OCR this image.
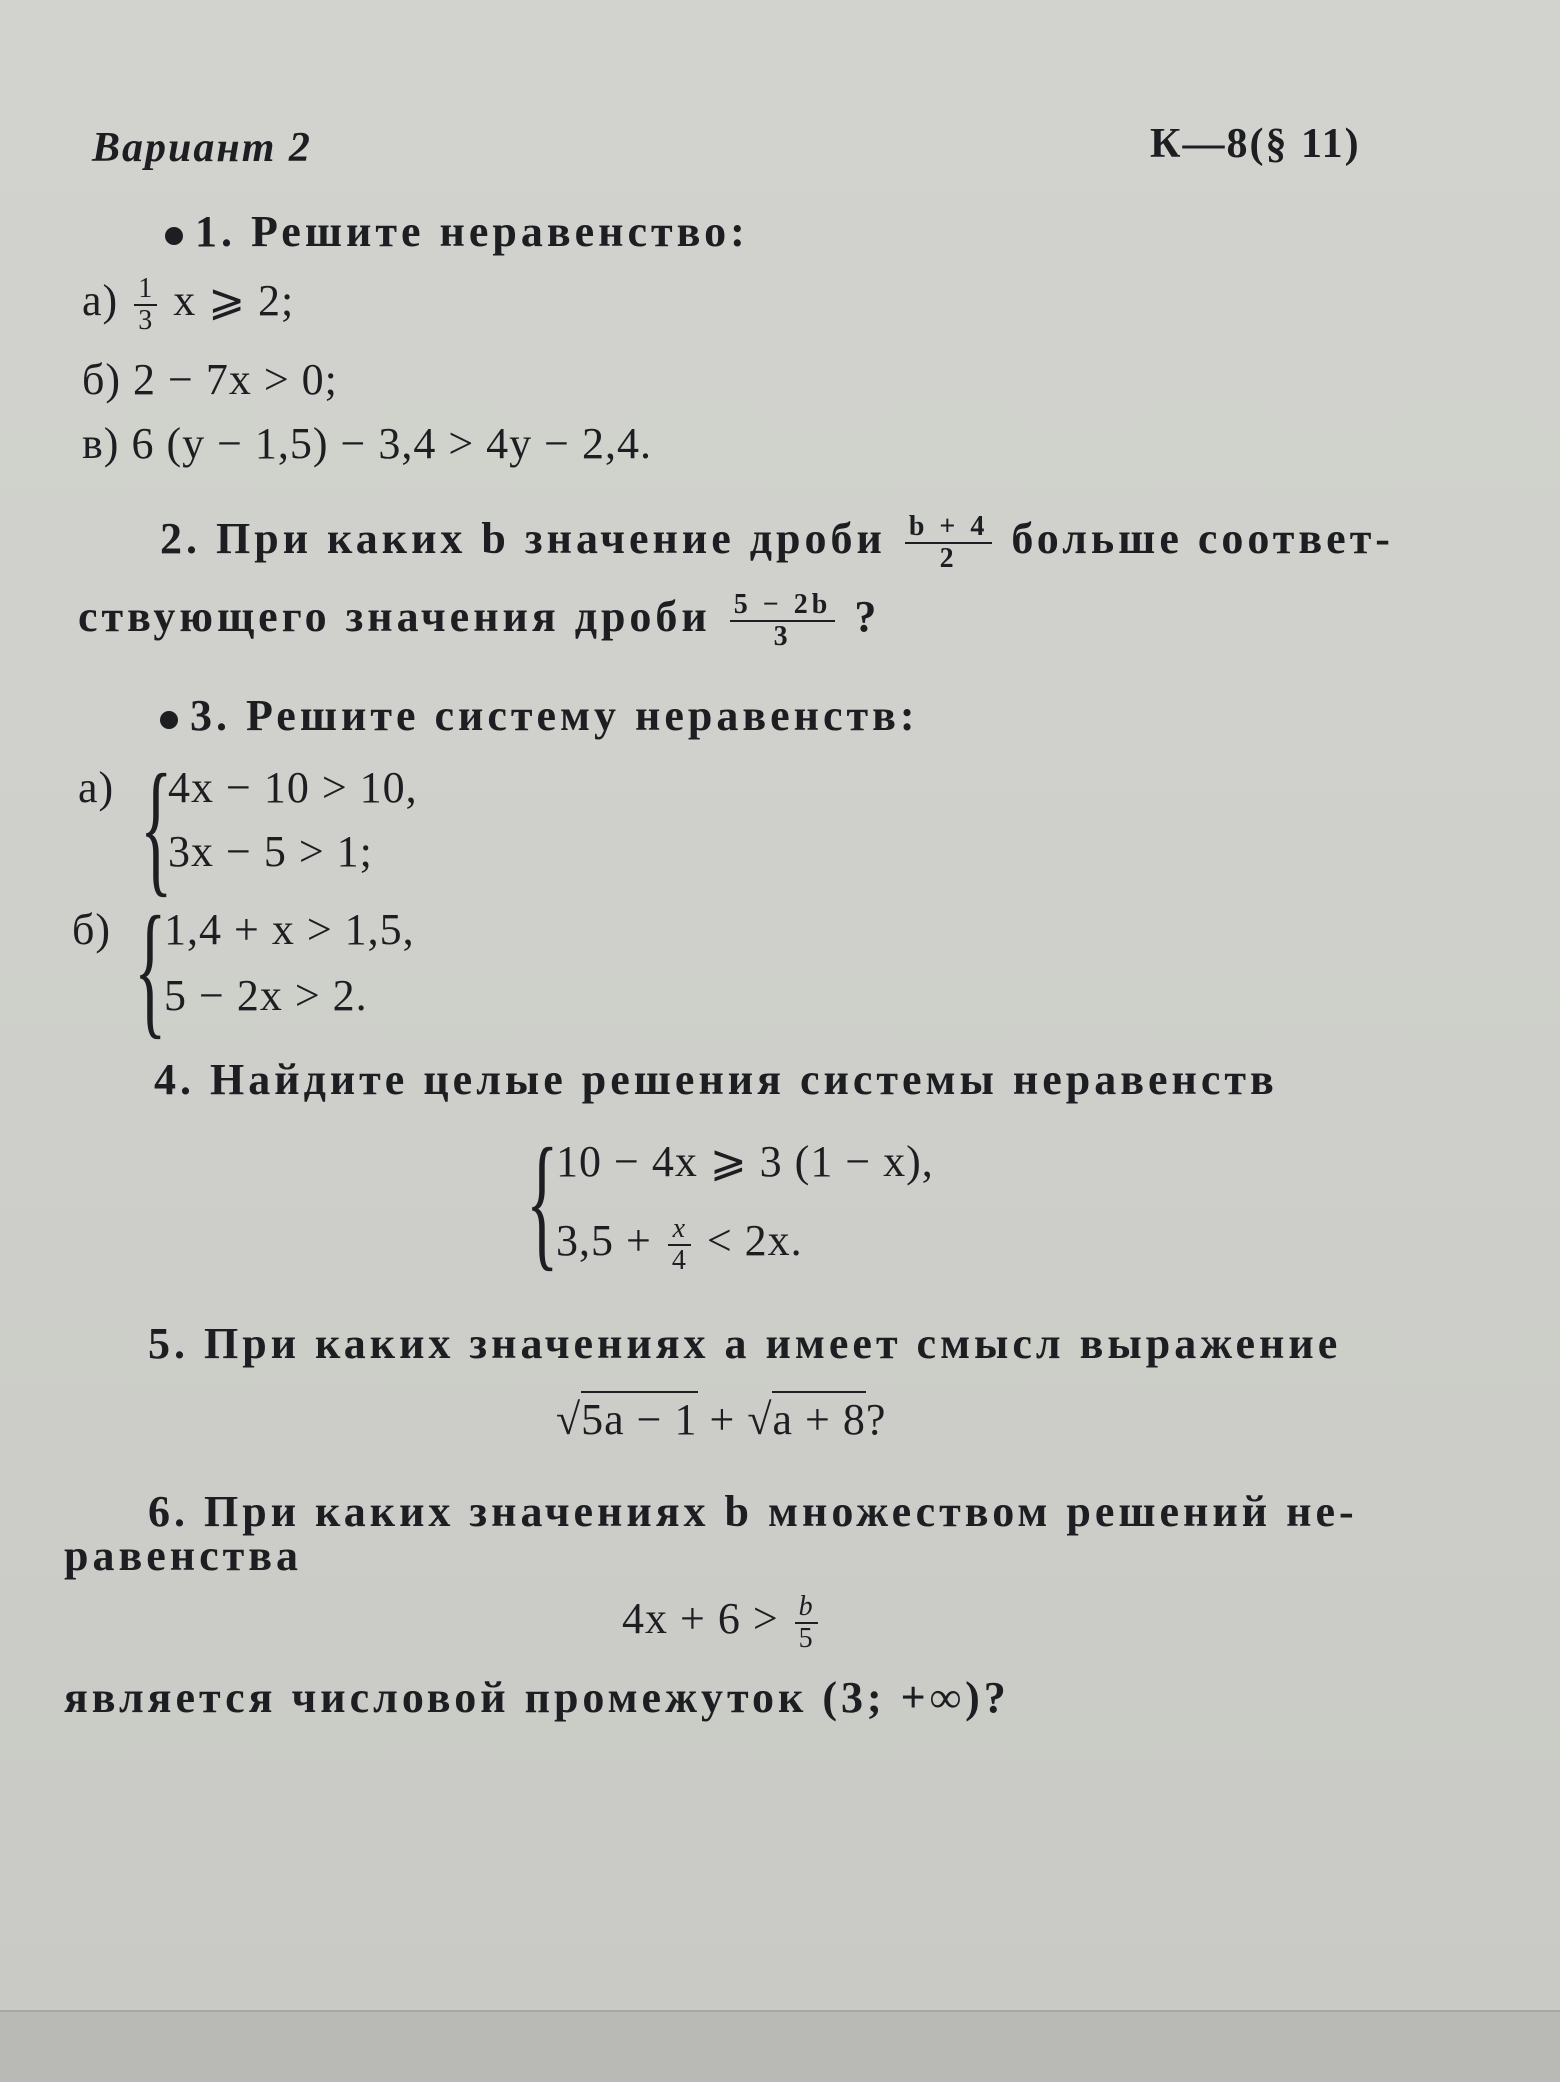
Вариант 2	К—8(§ 11)
1. Решите неравенство:
$а) \frac{1}{3}$ x ⩾ 2;
б) 2 − 7x > 0;
в) 6 (y − 1,5) − 3,4 > 4y − 2,4.
2. При каких b значение дроби $\frac{b + 4}{2}$ больше соответ-
ствующего значения дроби $\frac{5 - 2b}{3}$ ?
3. Решите систему неравенств:
а) {
4x − 10 > 10,
3x − 5 > 1;
б) {
1,4 + x > 1,5,
5 − 2x > 2.
4. Найдите целые решения системы неравенств
{
10 − 4x ⩾ 3 (1 − x),
$3,5 + \frac{x}{4} < 2x$.
5. При каких значениях a имеет смысл выражение
√5a − 1 + √a + 8?
6. При каких значениях b множеством решений не-
равенства
$4x + 6 > \frac{b}{5}$
является числовой промежуток (3; +∞)?
